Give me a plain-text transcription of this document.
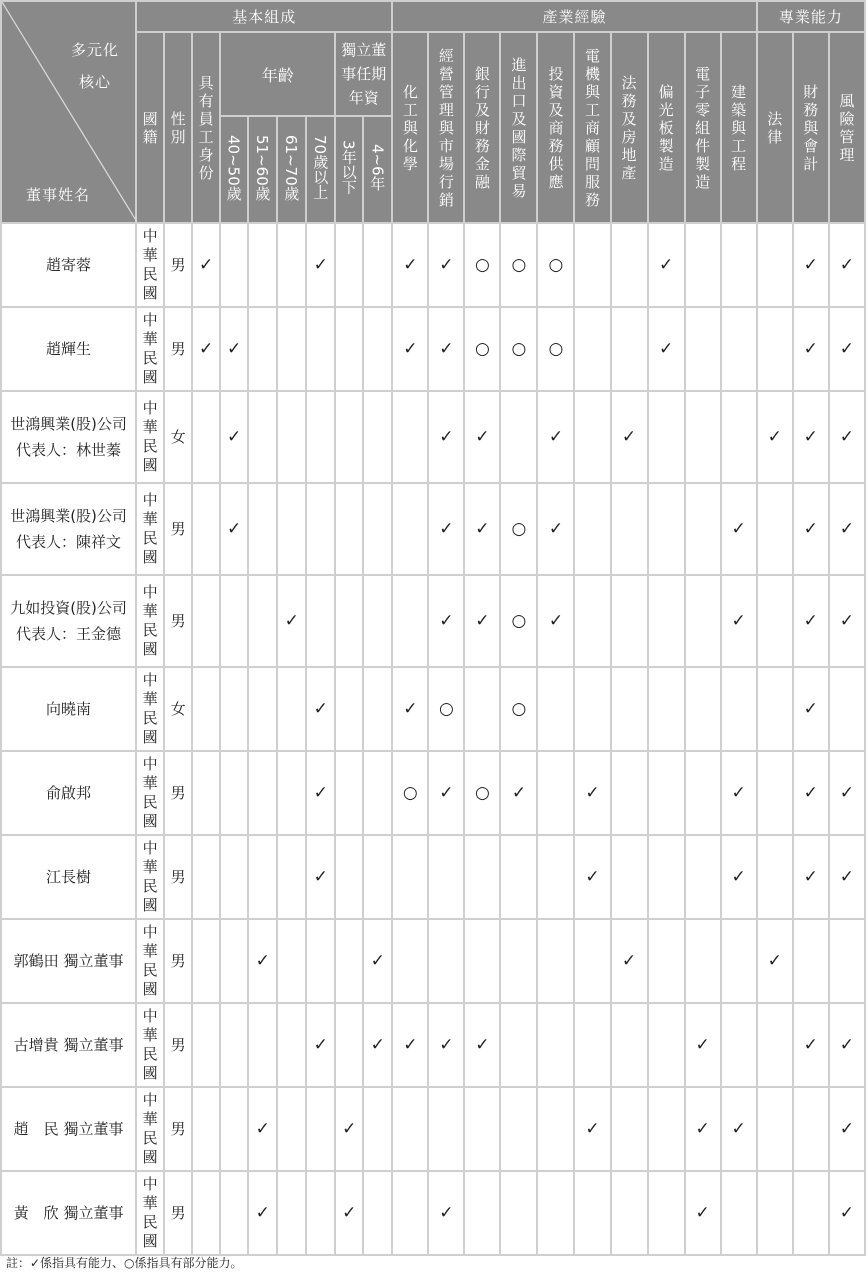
多元化
核心
董事姓名	基本組成									產業經驗										專業能力		
	國籍	性別	具有員工身份	年齡				獨立董事任期年資		化工與化學	經營管理與市場行銷	銀行及財務金融	進出口及國際貿易	投資及商務供應	電機與工商顧問服務	法務及房地產	偏光板製造	電子零組件製造	建築與工程	法律	財務與會計	風險管理
				40~50歲	51~60歲	61~70歲	70歲以上	3年以下	4~6年													

趙寄蓉	中華民國	男	✓				✓			✓	✓	○	○	○			✓				✓	✓

趙輝生	中華民國	男	✓	✓						✓	✓	○	○	○			✓				✓	✓

世鴻興業(股)公司
代表人：林世蓁	中華民國	女		✓							✓	✓		✓		✓				✓	✓	✓

世鴻興業(股)公司
代表人：陳祥文	中華民國	男		✓							✓	✓	○	✓					✓		✓	✓

九如投資(股)公司
代表人：王金德	中華民國	男				✓					✓	✓	○	✓					✓		✓	✓

向曉南	中華民國	女					✓			✓	○		○								✓	

俞啟邦	中華民國	男					✓			○	✓	○	✓		✓				✓		✓	✓

江長樹	中華民國	男					✓								✓				✓		✓	✓

郭鶴田 獨立董事	中華民國	男			✓				✓							✓				✓		

古增貴 獨立董事	中華民國	男					✓		✓	✓	✓	✓						✓			✓	✓

趙　民 獨立董事	中華民國	男			✓			✓							✓			✓	✓			✓

黃　欣 獨立董事	中華民國	男			✓			✓			✓							✓				✓
註：✓係指具有能力、○係指具有部分能力。
